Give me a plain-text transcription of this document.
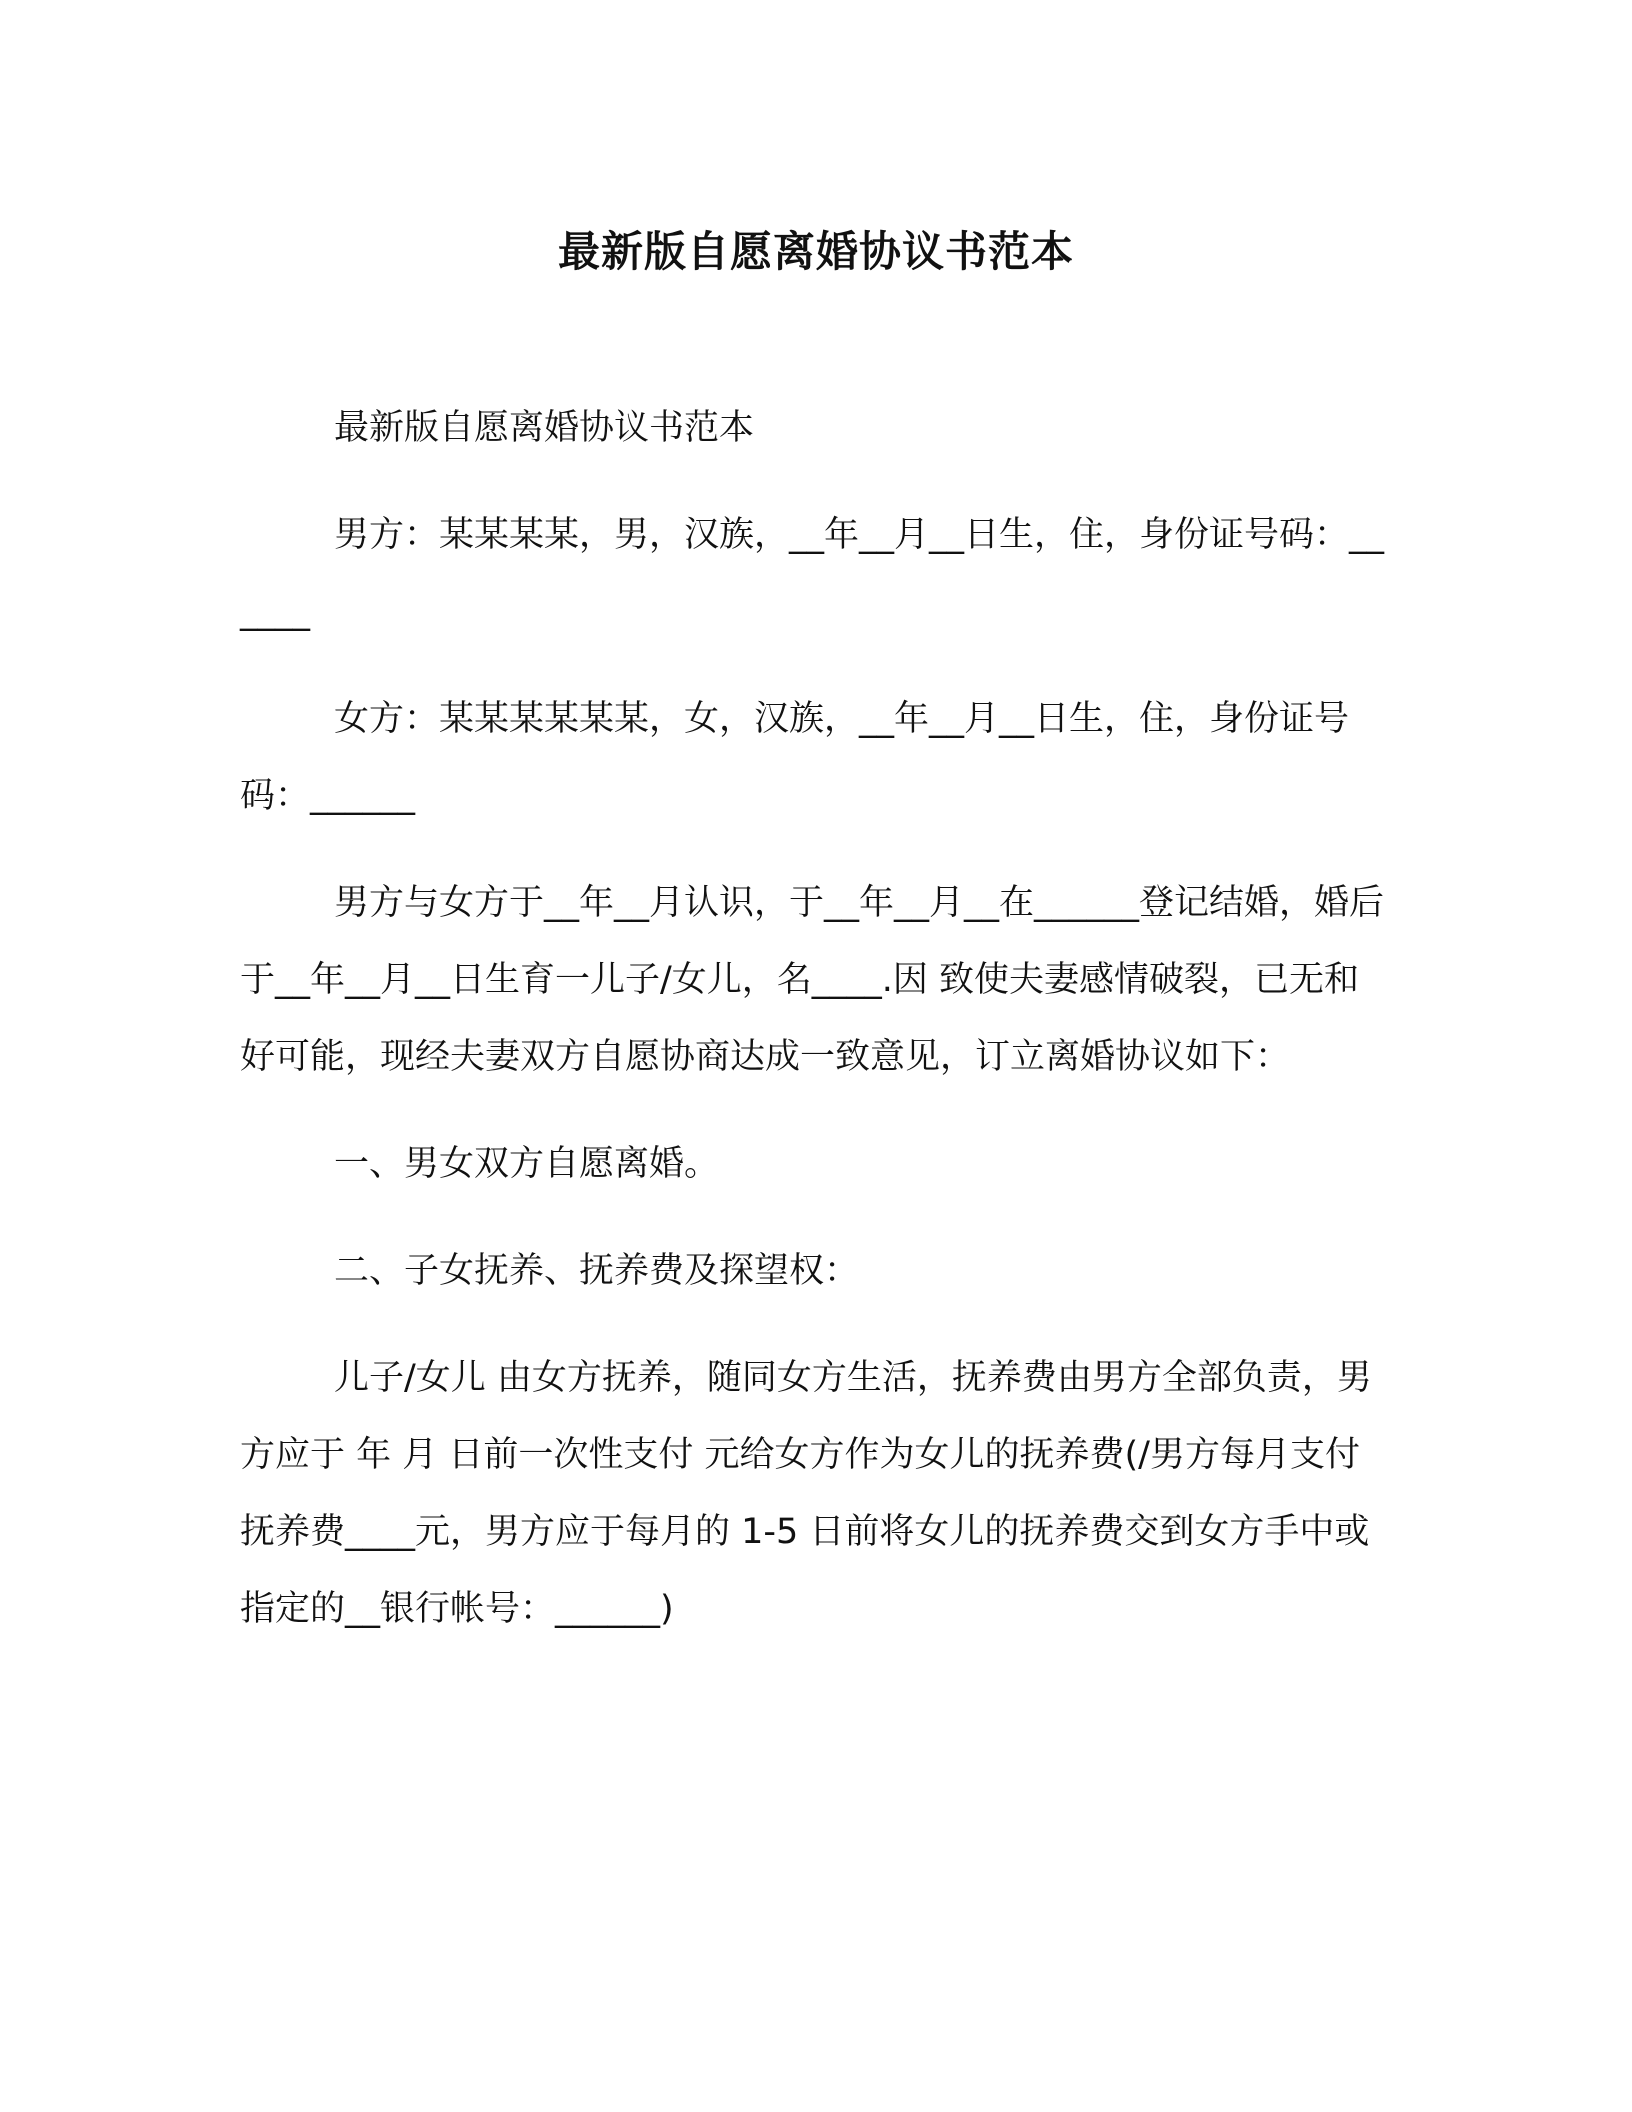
最新版自愿离婚协议书范本

最新版自愿离婚协议书范本

男方：某某某某，男，汉族，__年__月__日生，住，身份证号码：______

女方：某某某某某某，女，汉族，__年__月__日生，住，身份证号码：______

男方与女方于__年__月认识，于__年__月__在______登记结婚，婚后于__年__月__日生育一儿子/女儿，名____.因 致使夫妻感情破裂，已无和好可能，现经夫妻双方自愿协商达成一致意见，订立离婚协议如下：

一、男女双方自愿离婚。

二、子女抚养、抚养费及探望权：

儿子/女儿 由女方抚养，随同女方生活，抚养费由男方全部负责，男方应于 年 月 日前一次性支付 元给女方作为女儿的抚养费(/男方每月支付抚养费____元，男方应于每月的 1-5 日前将女儿的抚养费交到女方手中或指定的__银行帐号：______)
